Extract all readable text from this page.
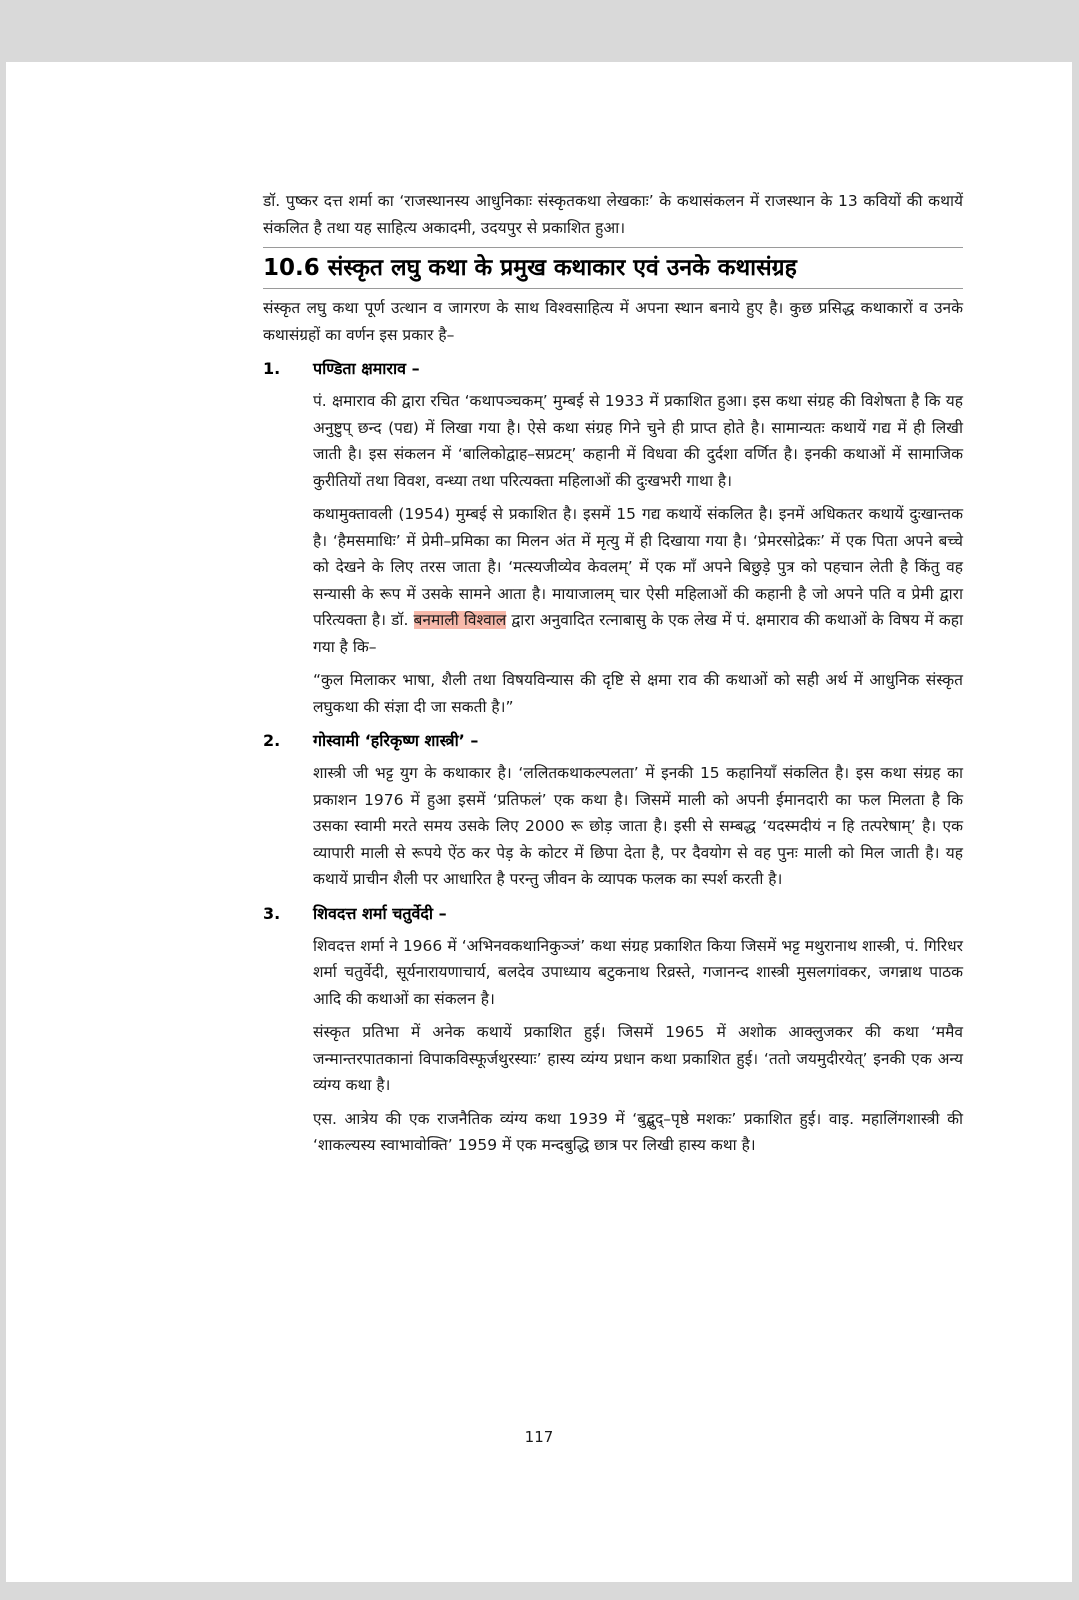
डॉ. पुष्कर दत्त शर्मा का ‘राजस्थानस्य आधुनिकाः संस्कृतकथा लेखकाः’ के कथासंकलन में राजस्थान के 13 कवियों की कथायें संकलित है तथा यह साहित्य अकादमी, उदयपुर से प्रकाशित हुआ।

10.6 संस्कृत लघु कथा के प्रमुख कथाकार एवं उनके कथासंग्रह

संस्कृत लघु कथा पूर्ण उत्थान व जागरण के साथ विश्वसाहित्य में अपना स्थान बनाये हुए है। कुछ प्रसिद्ध कथाकारों व उनके कथासंग्रहों का वर्णन इस प्रकार है–

1.	पण्डिता क्षमाराव –

पं. क्षमाराव की द्वारा रचित ‘कथापञ्चकम्’ मुम्बई से 1933 में प्रकाशित हुआ। इस कथा संग्रह की विशेषता है कि यह अनुष्टुप् छन्द (पद्य) में लिखा गया है। ऐसे कथा संग्रह गिने चुने ही प्राप्त होते है। सामान्यतः कथायें गद्य में ही लिखी जाती है। इस संकलन में ‘बालिकोद्वाह–सप्रटम्’ कहानी में विधवा की दुर्दशा वर्णित है। इनकी कथाओं में सामाजिक कुरीतियों तथा विवश, वन्ध्या तथा परित्यक्ता महिलाओं की दुःखभरी गाथा है।

कथामुक्तावली (1954) मुम्बई से प्रकाशित है। इसमें 15 गद्य कथायें संकलित है। इनमें अधिकतर कथायें दुःखान्तक है। ‘हैमसमाधिः’ में प्रेमी–प्रमिका का मिलन अंत में मृत्यु में ही दिखाया गया है। ‘प्रेमरसोद्रेकः’ में एक पिता अपने बच्चे को देखने के लिए तरस जाता है। ‘मत्स्यजीव्येव केवलम्’ में एक माँ अपने बिछुड़े पुत्र को पहचान लेती है किंतु वह सन्यासी के रूप में उसके सामने आता है। मायाजालम् चार ऐसी महिलाओं की कहानी है जो अपने पति व प्रेमी द्वारा परित्यक्ता है। डॉ. बनमाली विश्वाल द्वारा अनुवादित रत्नाबासु के एक लेख में पं. क्षमाराव की कथाओं के विषय में कहा गया है कि–

“कुल मिलाकर भाषा, शैली तथा विषयविन्यास की दृष्टि से क्षमा राव की कथाओं को सही अर्थ में आधुनिक संस्कृत लघुकथा की संज्ञा दी जा सकती है।”

2.	गोस्वामी ‘हरिकृष्ण शास्त्री’ –

शास्त्री जी भट्ट युग के कथाकार है। ‘ललितकथाकल्पलता’ में इनकी 15 कहानियाँ संकलित है। इस कथा संग्रह का प्रकाशन 1976 में हुआ इसमें ‘प्रतिफलं’ एक कथा है। जिसमें माली को अपनी ईमानदारी का फल मिलता है कि उसका स्वामी मरते समय उसके लिए 2000 रू छोड़ जाता है। इसी से सम्बद्ध ‘यदस्मदीयं न हि तत्परेषाम्’ है। एक व्यापारी माली से रूपये ऐंठ कर पेड़ के कोटर में छिपा देता है, पर दैवयोग से वह पुनः माली को मिल जाती है। यह कथायें प्राचीन शैली पर आधारित है परन्तु जीवन के व्यापक फलक का स्पर्श करती है।

3.	शिवदत्त शर्मा चतुर्वेदी –

शिवदत्त शर्मा ने 1966 में ‘अभिनवकथानिकुञ्जं’ कथा संग्रह प्रकाशित किया जिसमें भट्ट मथुरानाथ शास्त्री, पं. गिरिधर शर्मा चतुर्वेदी, सूर्यनारायणाचार्य, बलदेव उपाध्याय बटुकनाथ रिव्रस्ते, गजानन्द शास्त्री मुसलगांवकर, जगन्नाथ पाठक आदि की कथाओं का संकलन है।

संस्कृत प्रतिभा में अनेक कथायें प्रकाशित हुई। जिसमें 1965 में अशोक आक्लुजकर की कथा ‘ममैव जन्मान्तरपातकानां विपाकविस्फूर्जथुरस्याः’ हास्य व्यंग्य प्रधान कथा प्रकाशित हुई। ‘ततो जयमुदीरयेत्’ इनकी एक अन्य व्यंग्य कथा है।

एस. आत्रेय की एक राजनैतिक व्यंग्य कथा 1939 में ‘बुद्बुद्–पृष्ठे मशकः’ प्रकाशित हुई। वाइ. महालिंगशास्त्री की ‘शाकल्यस्य स्वाभावोक्ति’ 1959 में एक मन्दबुद्धि छात्र पर लिखी हास्य कथा है।

117
